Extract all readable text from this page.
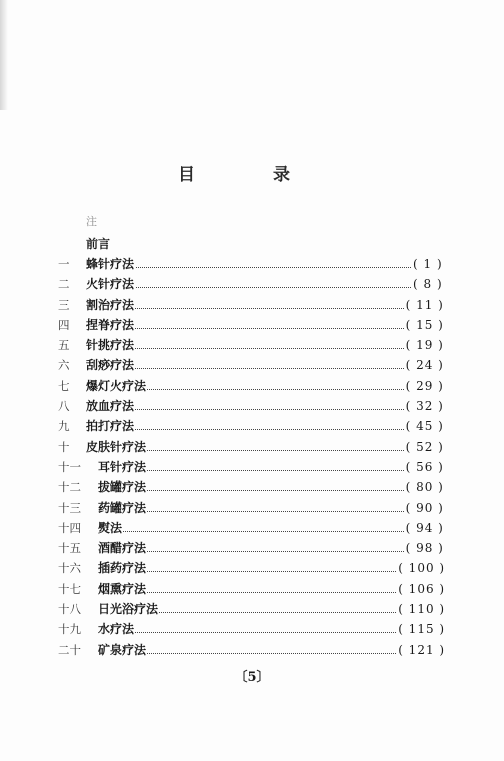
目 录
注
前言
一	蜂针疗法	( 1 )
二	火针疗法	( 8 )
三	割治疗法	( 11 )
四	捏脊疗法	( 15 )
五	针挑疗法	( 19 )
六	刮痧疗法	( 24 )
七	爆灯火疗法	( 29 )
八	放血疗法	( 32 )
九	拍打疗法	( 45 )
十	皮肤针疗法	( 52 )
十一	耳针疗法	( 56 )
十二	拔罐疗法	( 80 )
十三	药罐疗法	( 90 )
十四	熨法	( 94 )
十五	酒醋疗法	( 98 )
十六	插药疗法	( 100 )
十七	烟熏疗法	( 106 )
十八	日光浴疗法	( 110 )
十九	水疗法	( 115 )
二十	矿泉疗法	( 121 )
〔5〕
